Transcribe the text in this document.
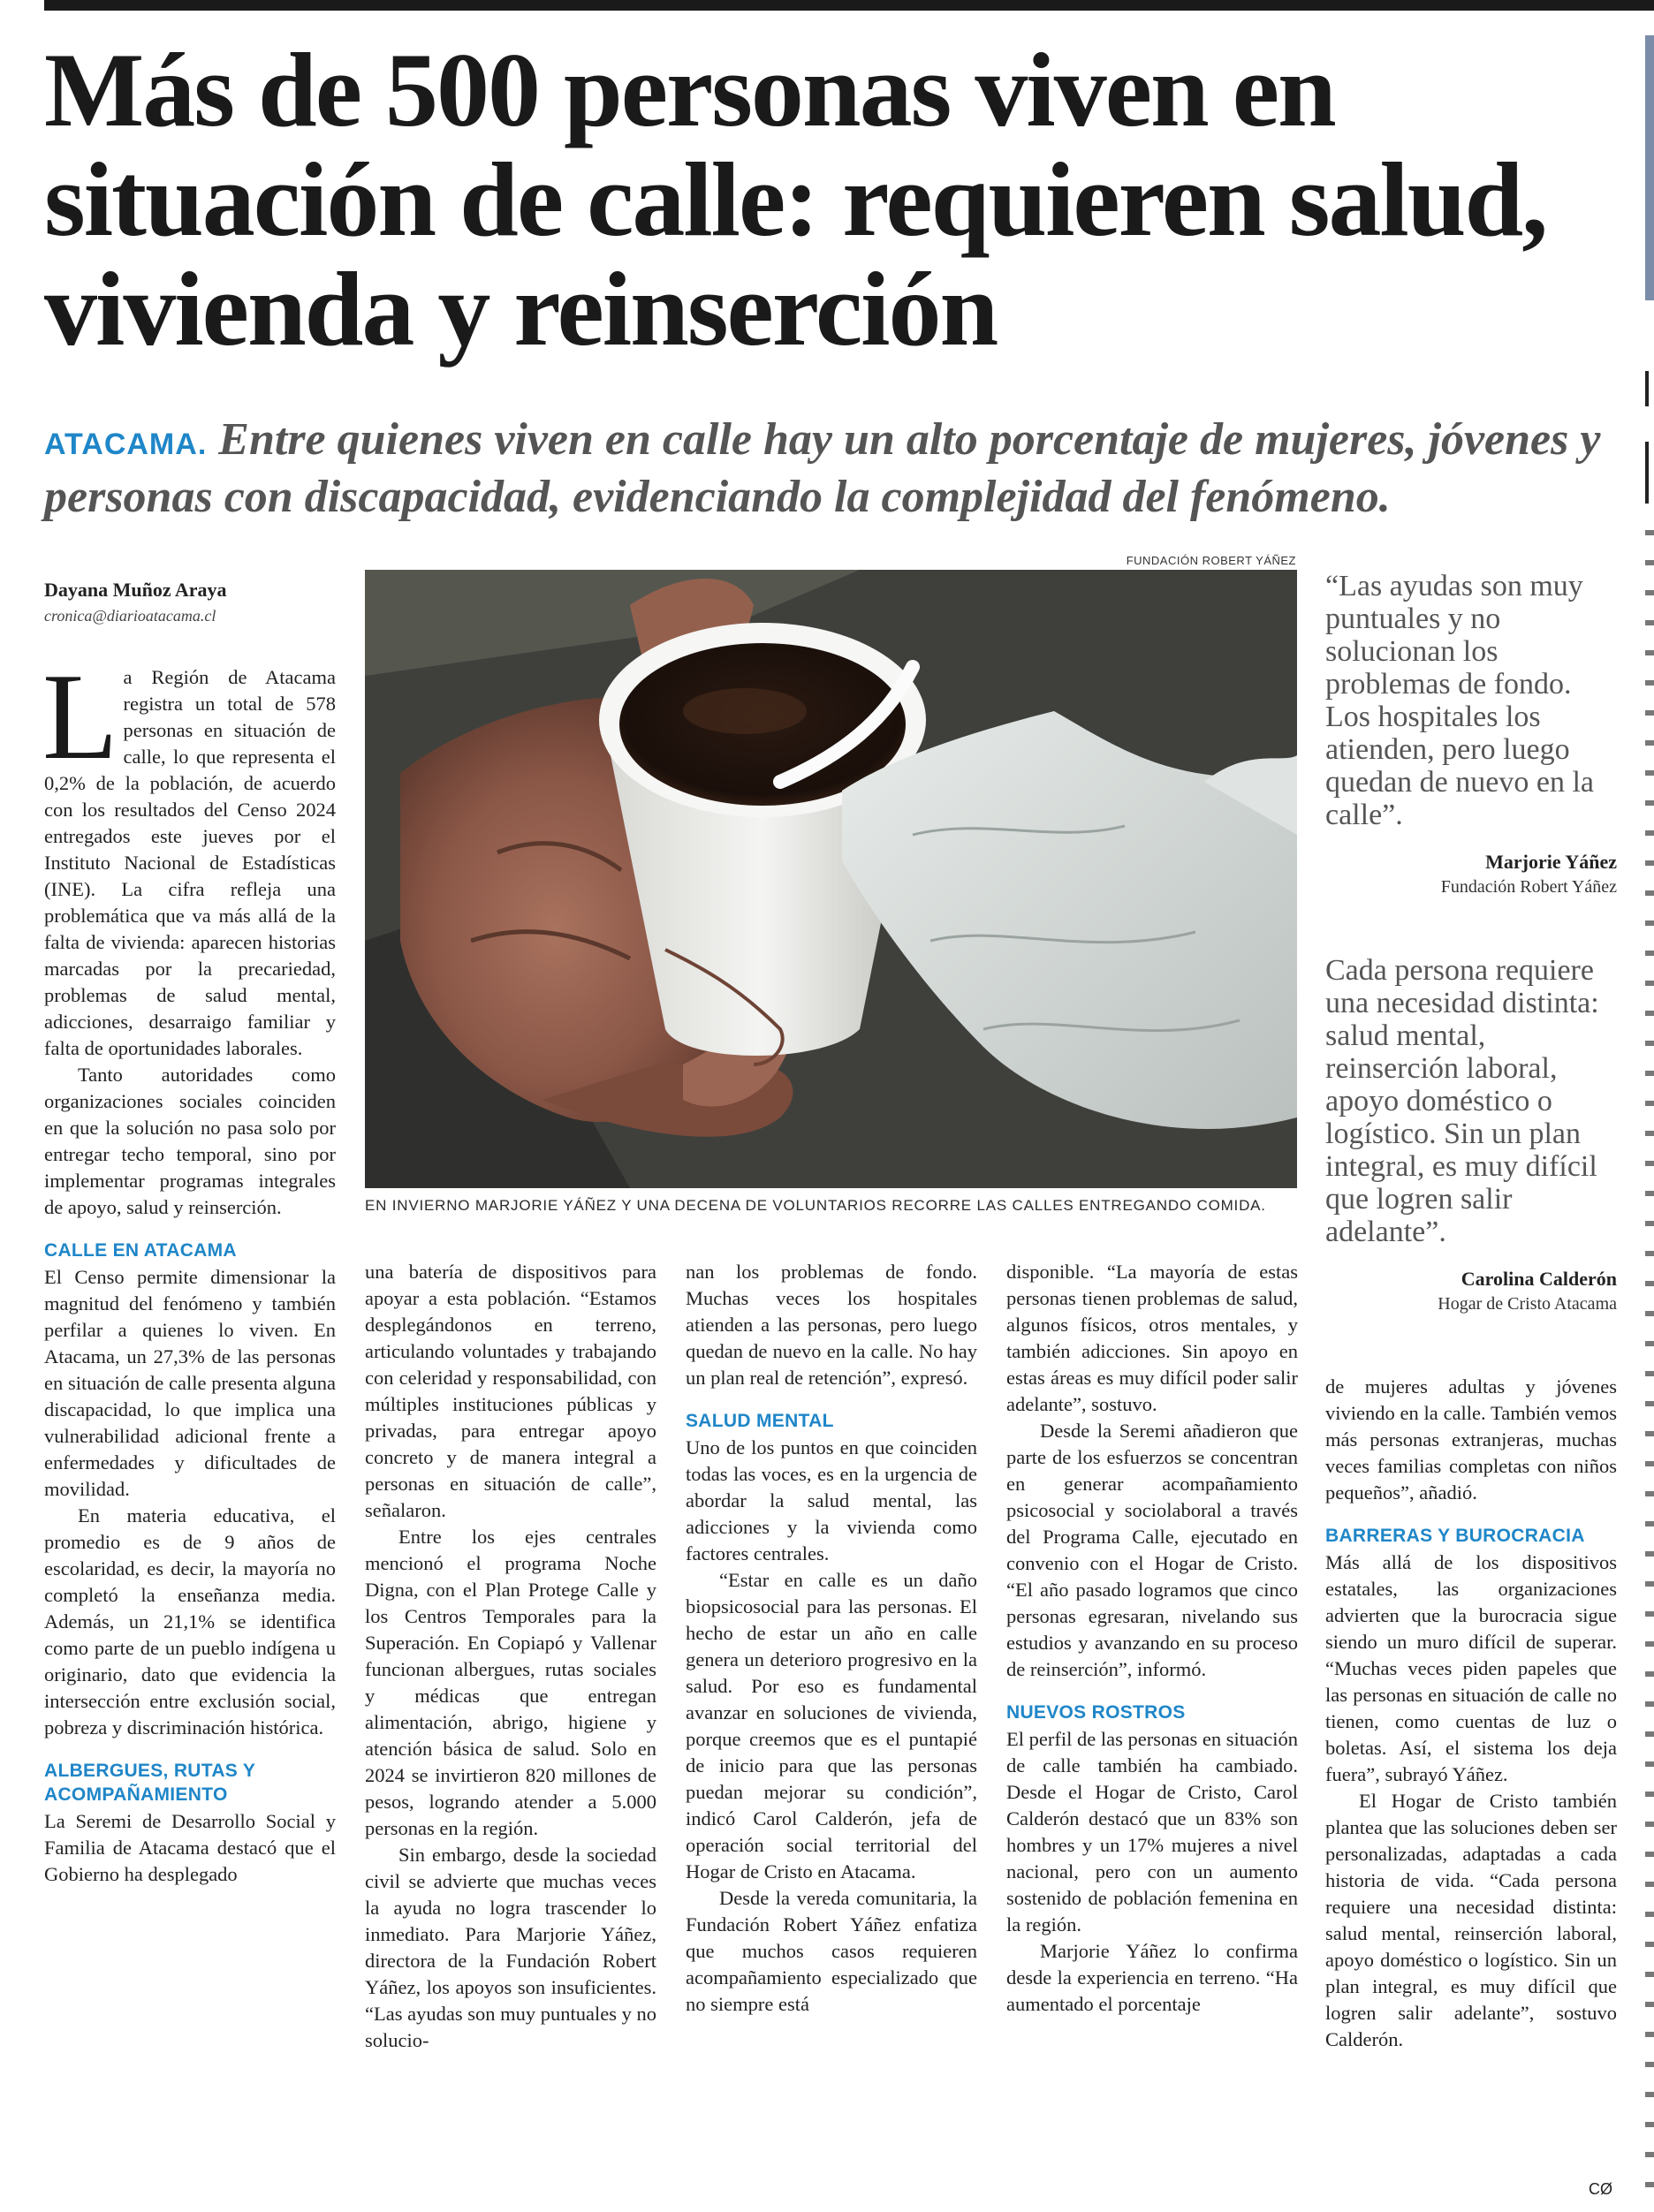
Más de 500 personas viven en situación de calle: requieren salud, vivienda y reinserción

ATACAMA. Entre quienes viven en calle hay un alto porcentaje de mujeres, jóvenes y personas con discapacidad, evidenciando la complejidad del fenómeno.

FUNDACIÓN ROBERT YÁÑEZ
EN INVIERNO MARJORIE YÁÑEZ Y UNA DECENA DE VOLUNTARIOS RECORRE LAS CALLES ENTREGANDO COMIDA.
Dayana Muñoz Araya
cronica@diarioatacama.cl

La Región de Atacama registra un total de 578 personas en situación de calle, lo que representa el 0,2% de la población, de acuerdo con los resultados del Censo 2024 entregados este jueves por el Instituto Nacional de Estadísticas (INE). La cifra refleja una problemática que va más allá de la falta de vivienda: aparecen historias marcadas por la precariedad, problemas de salud mental, adicciones, desarraigo familiar y falta de oportunidades laborales.

Tanto autoridades como organizaciones sociales coinciden en que la solución no pasa solo por entregar techo temporal, sino por implementar programas integrales de apoyo, salud y reinserción.

CALLE EN ATACAMA

El Censo permite dimensionar la magnitud del fenómeno y también perfilar a quienes lo viven. En Atacama, un 27,3% de las personas en situación de calle presenta alguna discapacidad, lo que implica una vulnerabilidad adicional frente a enfermedades y dificultades de movilidad.

En materia educativa, el promedio es de 9 años de escolaridad, es decir, la mayoría no completó la enseñanza media. Además, un 21,1% se identifica como parte de un pueblo indígena u originario, dato que evidencia la intersección entre exclusión social, pobreza y discriminación histórica.

ALBERGUES, RUTAS Y ACOMPAÑAMIENTO

La Seremi de Desarrollo Social y Familia de Atacama destacó que el Gobierno ha desplegado

una batería de dispositivos para apoyar a esta población. “Estamos desplegándonos en terreno, articulando voluntades y trabajando con celeridad y responsabilidad, con múltiples instituciones públicas y privadas, para entregar apoyo concreto y de manera integral a personas en situación de calle”, señalaron.

Entre los ejes centrales mencionó el programa Noche Digna, con el Plan Protege Calle y los Centros Temporales para la Superación. En Copiapó y Vallenar funcionan albergues, rutas sociales y médicas que entregan alimentación, abrigo, higiene y atención básica de salud. Solo en 2024 se invirtieron 820 millones de pesos, logrando atender a 5.000 personas en la región.

Sin embargo, desde la sociedad civil se advierte que muchas veces la ayuda no logra trascender lo inmediato. Para Marjorie Yáñez, directora de la Fundación Robert Yáñez, los apoyos son insuficientes. “Las ayudas son muy puntuales y no solucio-

nan los problemas de fondo. Muchas veces los hospitales atienden a las personas, pero luego quedan de nuevo en la calle. No hay un plan real de retención”, expresó.

SALUD MENTAL

Uno de los puntos en que coinciden todas las voces, es en la urgencia de abordar la salud mental, las adicciones y la vivienda como factores centrales.

“Estar en calle es un daño biopsicosocial para las personas. El hecho de estar un año en calle genera un deterioro progresivo en la salud. Por eso es fundamental avanzar en soluciones de vivienda, porque creemos que es el puntapié de inicio para que las personas puedan mejorar su condición”, indicó Carol Calderón, jefa de operación social territorial del Hogar de Cristo en Atacama.

Desde la vereda comunitaria, la Fundación Robert Yáñez enfatiza que muchos casos requieren acompañamiento especializado que no siempre está

disponible. “La mayoría de estas personas tienen problemas de salud, algunos físicos, otros mentales, y también adicciones. Sin apoyo en estas áreas es muy difícil poder salir adelante”, sostuvo.

Desde la Seremi añadieron que parte de los esfuerzos se concentran en generar acompañamiento psicosocial y sociolaboral a través del Programa Calle, ejecutado en convenio con el Hogar de Cristo. “El año pasado logramos que cinco personas egresaran, nivelando sus estudios y avanzando en su proceso de reinserción”, informó.

NUEVOS ROSTROS

El perfil de las personas en situación de calle también ha cambiado. Desde el Hogar de Cristo, Carol Calderón destacó que un 83% son hombres y un 17% mujeres a nivel nacional, pero con un aumento sostenido de población femenina en la región.

Marjorie Yáñez lo confirma desde la experiencia en terreno. “Ha aumentado el porcentaje

de mujeres adultas y jóvenes viviendo en la calle. También vemos más personas extranjeras, muchas veces familias completas con niños pequeños”, añadió.

BARRERAS Y BUROCRACIA

Más allá de los dispositivos estatales, las organizaciones advierten que la burocracia sigue siendo un muro difícil de superar. “Muchas veces piden papeles que las personas en situación de calle no tienen, como cuentas de luz o boletas. Así, el sistema los deja fuera”, subrayó Yáñez.

El Hogar de Cristo también plantea que las soluciones deben ser personalizadas, adaptadas a cada historia de vida. “Cada persona requiere una necesidad distinta: salud mental, reinserción laboral, apoyo doméstico o logístico. Sin un plan integral, es muy difícil que logren salir adelante”, sostuvo Calderón.

“Las ayudas son muy puntuales y no solucionan los problemas de fondo. Los hospitales los atienden, pero luego quedan de nuevo en la calle”.
Marjorie Yáñez
Fundación Robert Yáñez
Cada persona requiere una necesidad distinta: salud mental, reinserción laboral, apoyo doméstico o logístico. Sin un plan integral, es muy difícil que logren salir adelante”.
Carolina Calderón
Hogar de Cristo Atacama
CØ
